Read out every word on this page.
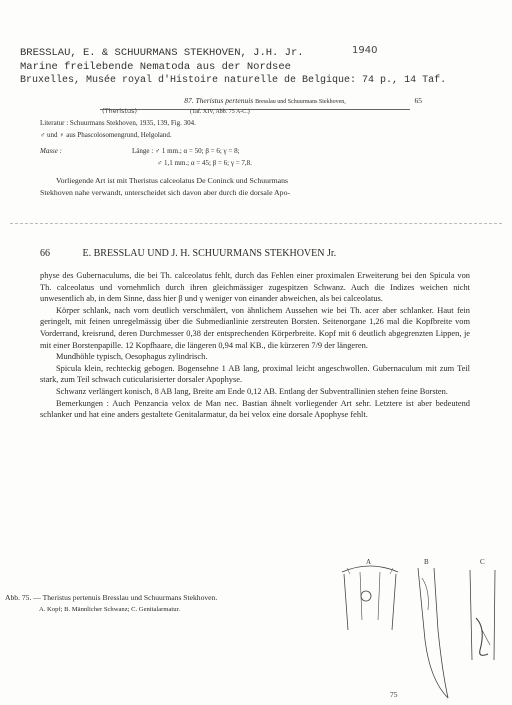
BRESSLAU, E. & SCHUURMANS STEKHOVEN, J.H. Jr.	1940
Marine freilebende Nematoda aus der Nordsee
Bruxelles, Musée royal d'Histoire naturelle de Belgique: 74 p., 14 Taf.
87. Theristus pertenuis Bresslau und Schuurmans Stekhoven,	65
(Theristus)	(Taf. XIV, Abb. 75 A-C.)
Literatur : Schuurmans Stekhoven, 1935, 139, Fig. 304.
♂ und ♀ aus Phascolosomengrund, Helgoland.
Masse :	Länge : ♂ 1 mm.; α = 50; β = 6; γ = 8;
♂ 1,1 mm.; α = 45; β = 6; γ = 7,8.
Vorliegende Art ist mit Theristus calceolatus De Coninck und Schuurmans
Stekhoven nahe verwandt, unterscheidet sich davon aber durch die dorsale Apo-
66	E. BRESSLAU UND J. H. SCHUURMANS STEKHOVEN Jr.

physe des Gubernaculums, die bei Th. calceolatus fehlt, durch das Fehlen einer proximalen Erweiterung bei den Spicula von Th. calceolatus und vornehmlich durch ihren gleichmässiger zugespitzen Schwanz. Auch die Indizes weichen nicht unwesentlich ab, in dem Sinne, dass hier β und γ weniger von einander abweichen, als bei calceolatus.

Körper schlank, nach vorn deutlich verschmälert, von ähnlichem Aussehen wie bei Th. acer aber schlanker. Haut fein geringelt, mit feinen unregelmässig über die Submedianlinie zerstreuten Borsten. Seitenorgane 1,26 mal die Kopfbreite vom Vorderrand, kreisrund, deren Durchmesser 0,38 der entsprechenden Körperbreite. Kopf mit 6 deutlich abgegrenzten Lippen, je mit einer Borstenpapille. 12 Kopfhaare, die längeren 0,94 mal KB., die kürzeren 7/9 der längeren.

Mundhöhle typisch, Oesophagus zylindrisch.

Spicula klein, rechteckig gebogen. Bogensehne 1 AB lang, proximal leicht angeschwollen. Gubernaculum mit zum Teil stark, zum Teil schwach cuticularisierter dorsaler Apophyse.

Schwanz verlängert konisch, 8 AB lang, Breite am Ende 0,12 AB. Entlang der Subventrallinien stehen feine Borsten.

Bemerkungen : Auch Penzancia velox de Man nec. Bastian ähnelt vorliegender Art sehr. Letztere ist aber bedeutend schlanker und hat eine anders gestaltete Genitalarmatur, da bei velox eine dorsale Apophyse fehlt.

Abb. 75. — Theristus pertenuis Bresslau und Schuurmans Stekhoven.
A. Kopf; B. Männlicher Schwanz; C. Genitalarmatur.
A	B	C
75
